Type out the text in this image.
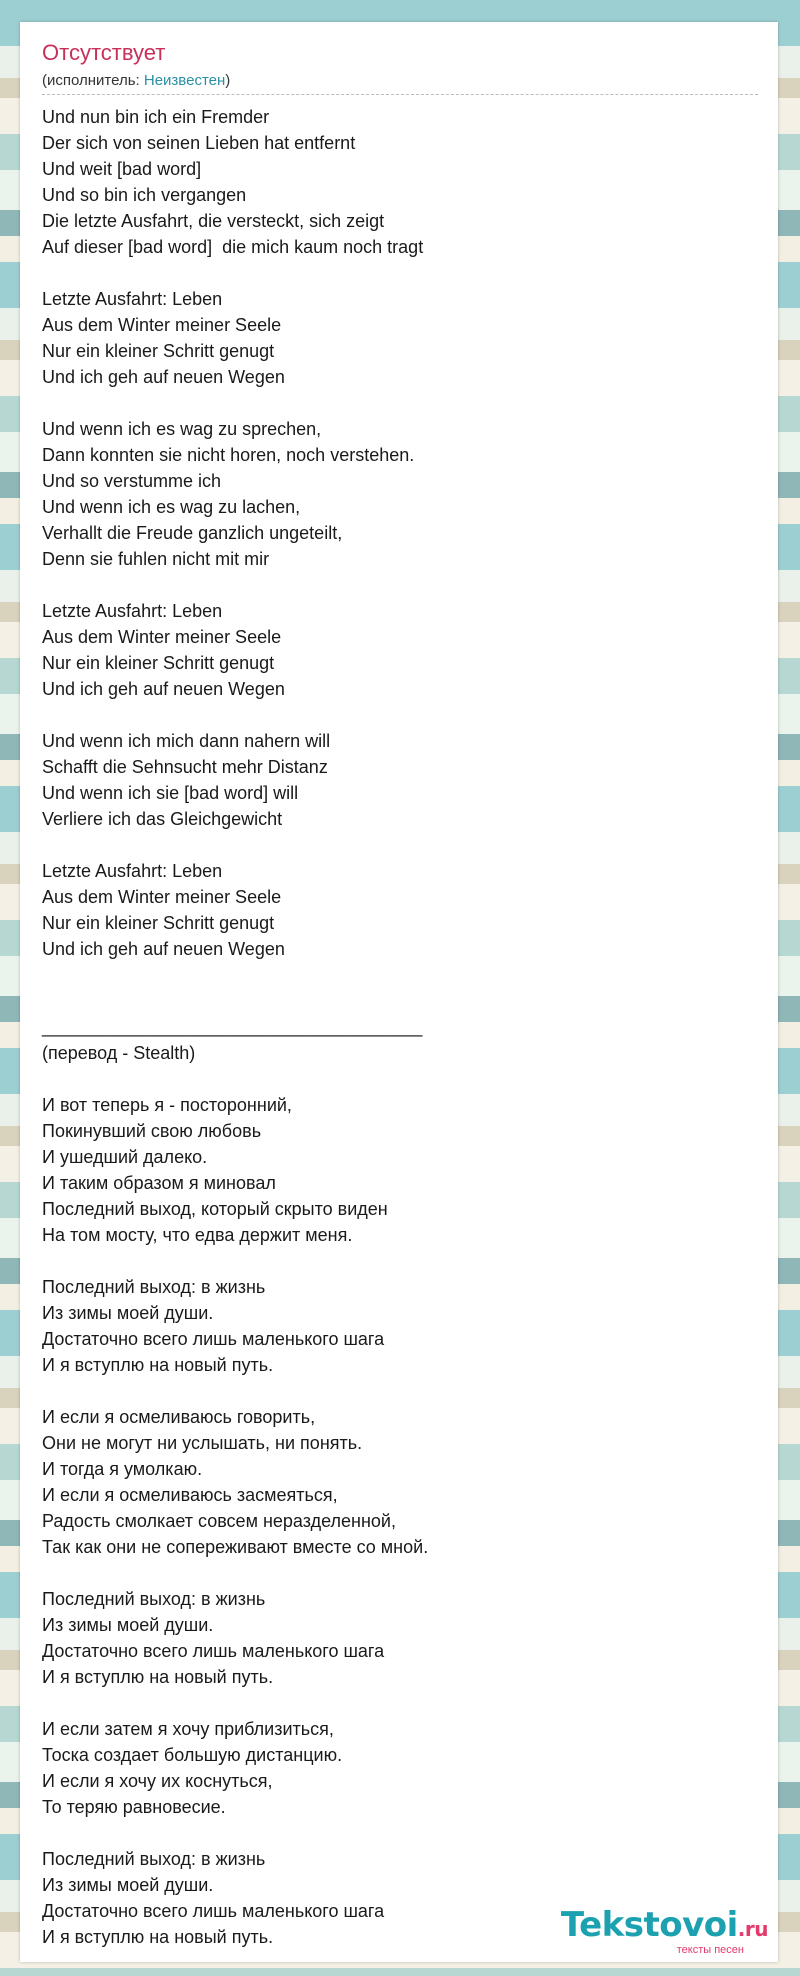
Отсутствует
(исполнитель: Неизвестен)
Und nun bin ich ein Fremder
Der sich von seinen Lieben hat entfernt
Und weit [bad word]
Und so bin ich vergangen
Die letzte Ausfahrt, die versteckt, sich zeigt
Auf dieser [bad word]  die mich kaum noch tragt
Letzte Ausfahrt: Leben
Aus dem Winter meiner Seele
Nur ein kleiner Schritt genugt
Und ich geh auf neuen Wegen
Und wenn ich es wag zu sprechen,
Dann konnten sie nicht horen, noch verstehen.
Und so verstumme ich
Und wenn ich es wag zu lachen,
Verhallt die Freude ganzlich ungeteilt,
Denn sie fuhlen nicht mit mir
Letzte Ausfahrt: Leben
Aus dem Winter meiner Seele
Nur ein kleiner Schritt genugt
Und ich geh auf neuen Wegen
Und wenn ich mich dann nahern will
Schafft die Sehnsucht mehr Distanz
Und wenn ich sie [bad word] will
Verliere ich das Gleichgewicht
Letzte Ausfahrt: Leben
Aus dem Winter meiner Seele
Nur ein kleiner Schritt genugt
Und ich geh auf neuen Wegen
______________________________________
(перевод - Stealth)
И вот теперь я - посторонний,
Покинувший свою любовь
И ушедший далеко.
И таким образом я миновал
Последний выход, который скрыто виден
На том мосту, что едва держит меня.
Последний выход: в жизнь
Из зимы моей души.
Достаточно всего лишь маленького шага
И я вступлю на новый путь.
И если я осмеливаюсь говорить,
Они не могут ни услышать, ни понять.
И тогда я умолкаю.
И если я осмеливаюсь засмеяться,
Радость смолкает совсем неразделенной,
Так как они не сопереживают вместе со мной.
Последний выход: в жизнь
Из зимы моей души.
Достаточно всего лишь маленького шага
И я вступлю на новый путь.
И если затем я хочу приблизиться,
Тоска создает большую дистанцию.
И если я хочу их коснуться,
То теряю равновесие.
Последний выход: в жизнь
Из зимы моей души.
Достаточно всего лишь маленького шага
И я вступлю на новый путь.	Tekstovoi.ru
тексты песен
